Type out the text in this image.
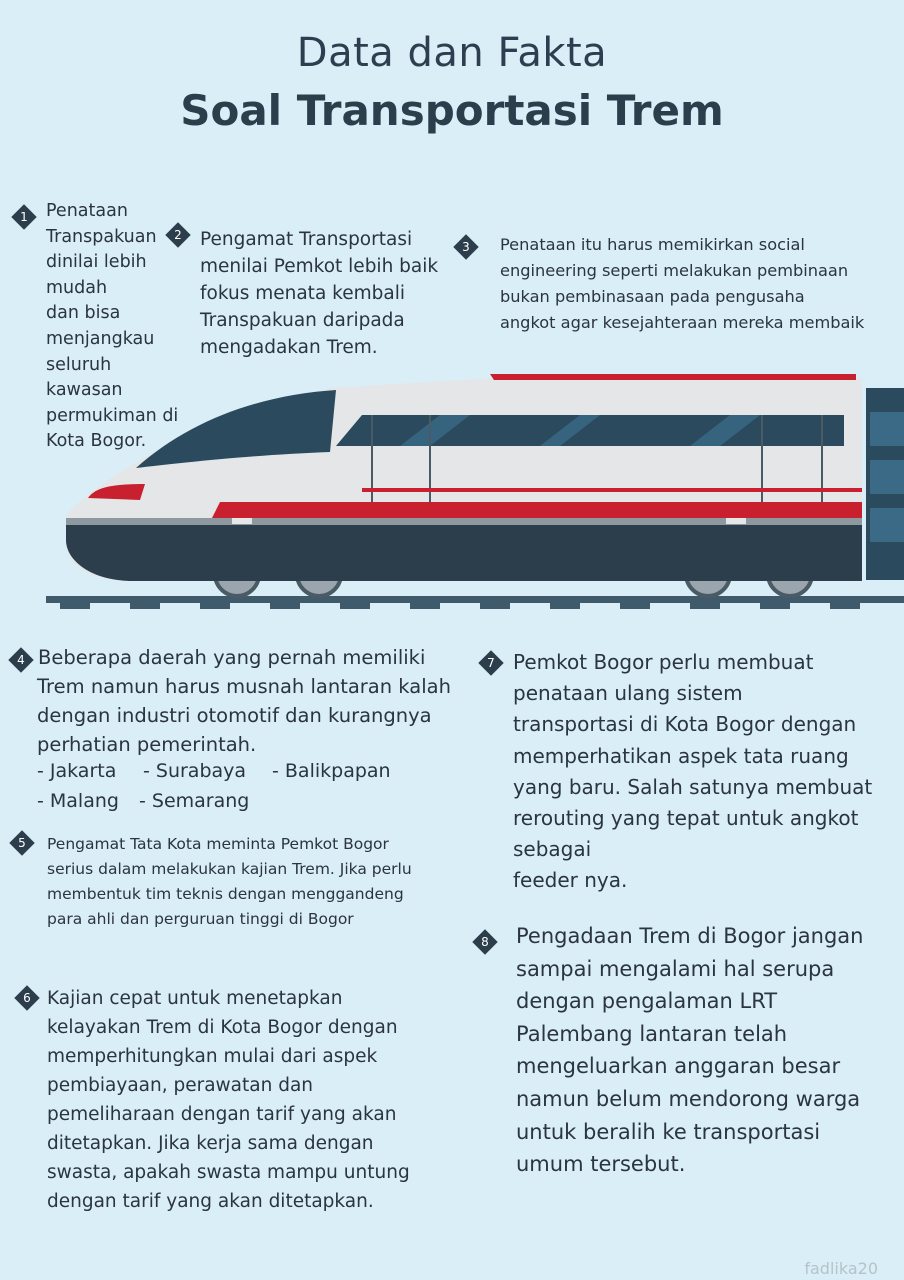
Data dan Fakta
Soal Transportasi Trem
1	Penataan
Transpakuan
dinilai lebih
mudah
dan bisa
menjangkau
seluruh
kawasan
permukiman di
Kota Bogor.
2 Pengamat Transportasi
menilai Pemkot lebih baik
fokus menata kembali
Transpakuan daripada
mengadakan Trem.
3	Penataan itu harus memikirkan social
engineering seperti melakukan pembinaan
bukan pembinasaan pada pengusaha
angkot agar kesejahteraan mereka membaik
4 Beberapa daerah yang pernah memiliki
Trem namun harus musnah lantaran kalah
dengan industri otomotif dan kurangnya
perhatian pemerintah.
- Jakarta - Surabaya - Balikpapan
- Malang - Semarang
5	Pengamat Tata Kota meminta Pemkot Bogor
serius dalam melakukan kajian Trem. Jika perlu
membentuk tim teknis dengan menggandeng
para ahli dan perguruan tinggi di Bogor
6 Kajian cepat untuk menetapkan
kelayakan Trem di Kota Bogor dengan
memperhitungkan mulai dari aspek
pembiayaan, perawatan dan
pemeliharaan dengan tarif yang akan
ditetapkan. Jika kerja sama dengan
swasta, apakah swasta mampu untung
dengan tarif yang akan ditetapkan.
7 Pemkot Bogor perlu membuat
penataan ulang sistem
transportasi di Kota Bogor dengan
memperhatikan aspek tata ruang
yang baru. Salah satunya membuat
rerouting yang tepat untuk angkot
sebagai
feeder nya.
8	Pengadaan Trem di Bogor jangan
sampai mengalami hal serupa
dengan pengalaman LRT
Palembang lantaran telah
mengeluarkan anggaran besar
namun belum mendorong warga
untuk beralih ke transportasi
umum tersebut.
fadlika20
